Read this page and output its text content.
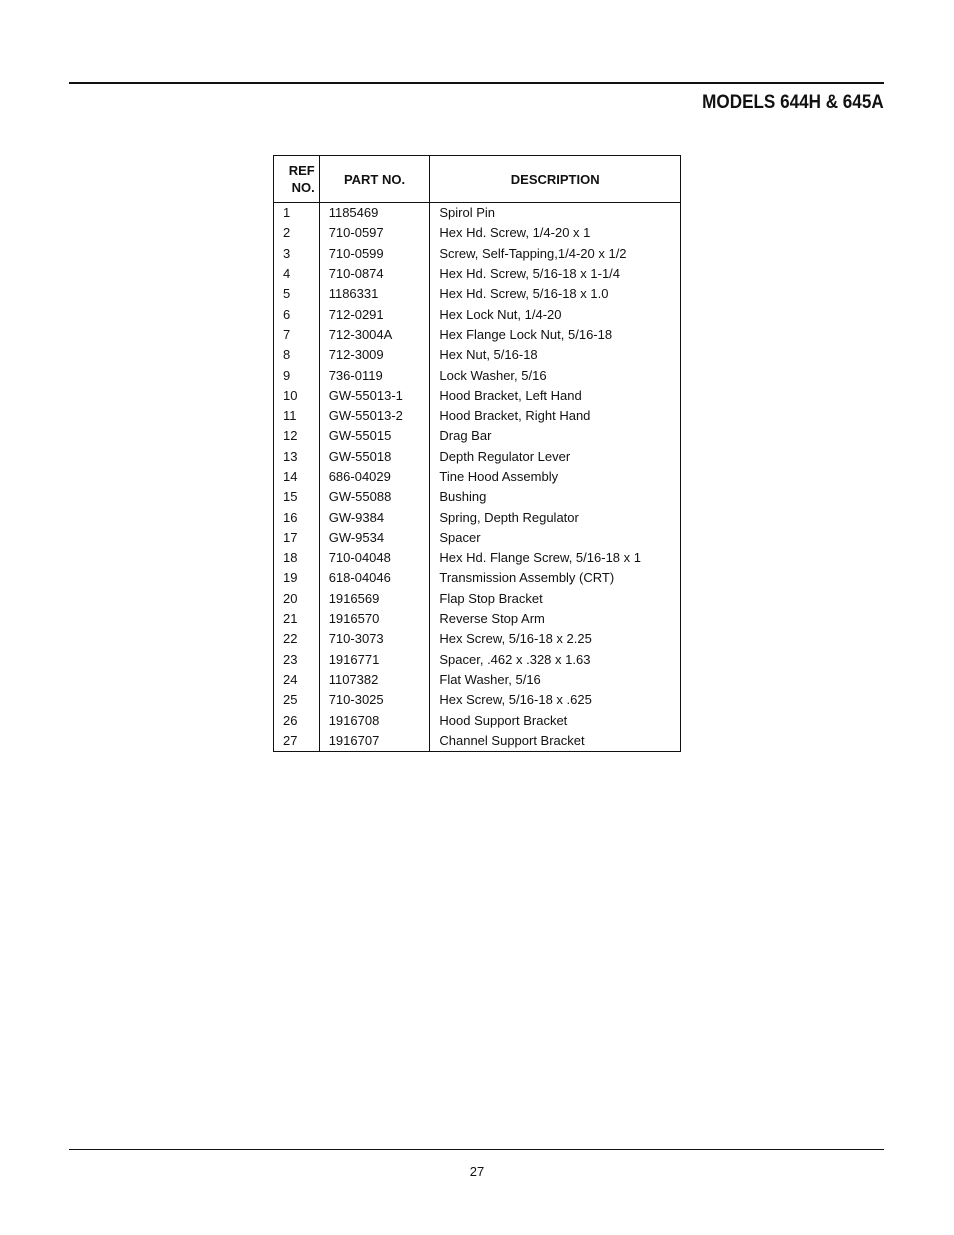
MODELS 644H & 645A
REF
NO.	PART NO.	DESCRIPTION
1	1185469	Spirol Pin
2	710-0597	Hex Hd. Screw, 1/4-20 x 1
3	710-0599	Screw, Self-Tapping,1/4-20 x 1/2
4	710-0874	Hex Hd. Screw, 5/16-18 x 1-1/4
5	1186331	Hex Hd. Screw, 5/16-18 x 1.0
6	712-0291	Hex Lock Nut, 1/4-20
7	712-3004A	Hex Flange Lock Nut, 5/16-18
8	712-3009	Hex Nut, 5/16-18
9	736-0119	Lock Washer, 5/16
10	GW-55013-1	Hood Bracket, Left Hand
11	GW-55013-2	Hood Bracket, Right Hand
12	GW-55015	Drag Bar
13	GW-55018	Depth Regulator Lever
14	686-04029	Tine Hood Assembly
15	GW-55088	Bushing
16	GW-9384	Spring, Depth Regulator
17	GW-9534	Spacer
18	710-04048	Hex Hd. Flange Screw, 5/16-18 x 1
19	618-04046	Transmission Assembly (CRT)
20	1916569	Flap Stop Bracket
21	1916570	Reverse Stop Arm
22	710-3073	Hex Screw, 5/16-18 x 2.25
23	1916771	Spacer, .462 x .328 x 1.63
24	1107382	Flat Washer, 5/16
25	710-3025	Hex Screw, 5/16-18 x .625
26	1916708	Hood Support Bracket
27	1916707	Channel Support Bracket
27
